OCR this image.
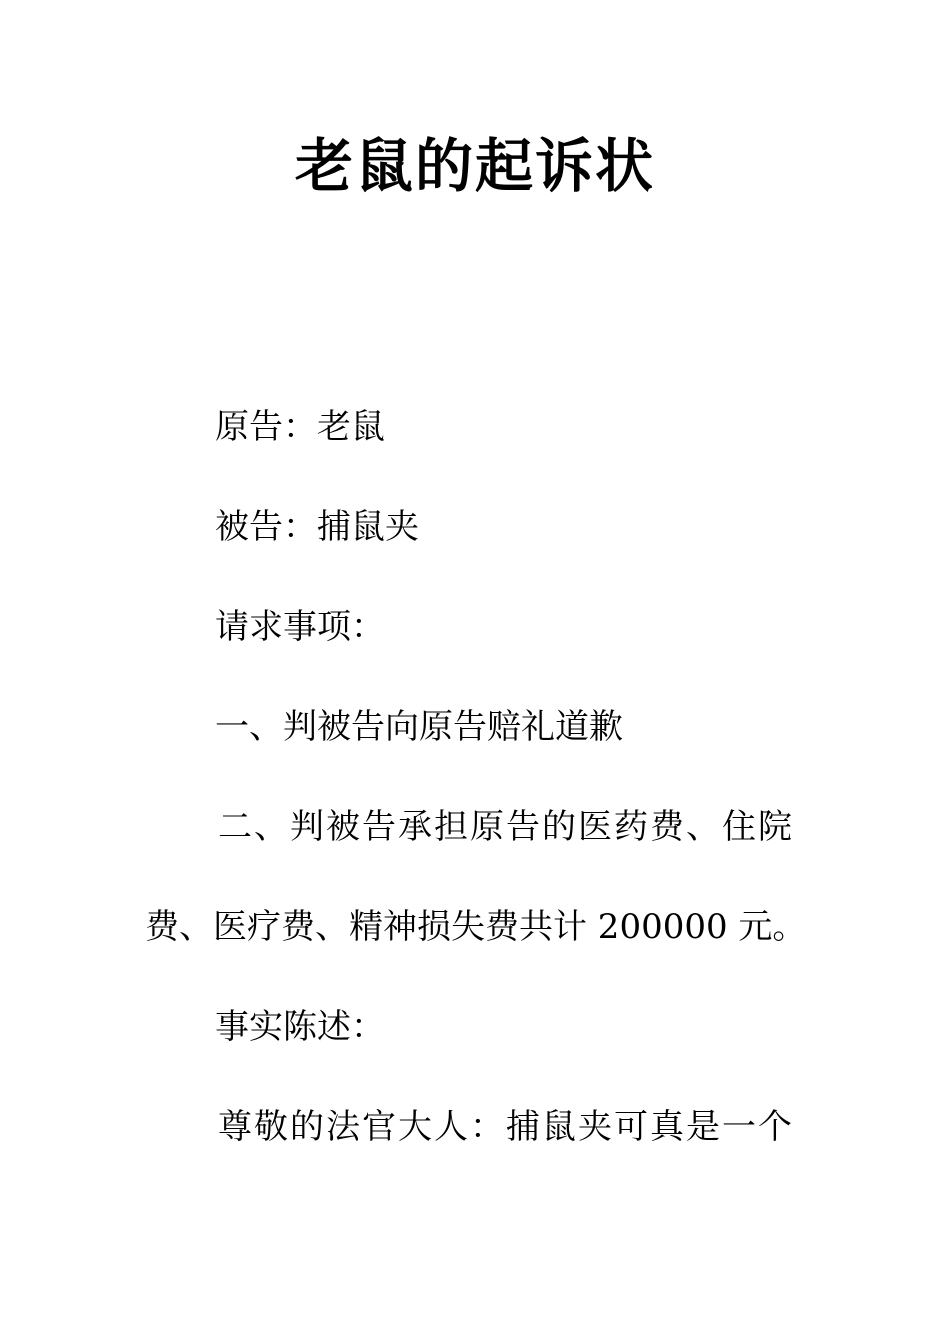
老鼠的起诉状
原告：老鼠
被告：捕鼠夹
请求事项：
一、判被告向原告赔礼道歉
二、判被告承担原告的医药费、住院
费、医疗费、精神损失费共计 200000 元。
事实陈述：
尊敬的法官大人：捕鼠夹可真是一个
